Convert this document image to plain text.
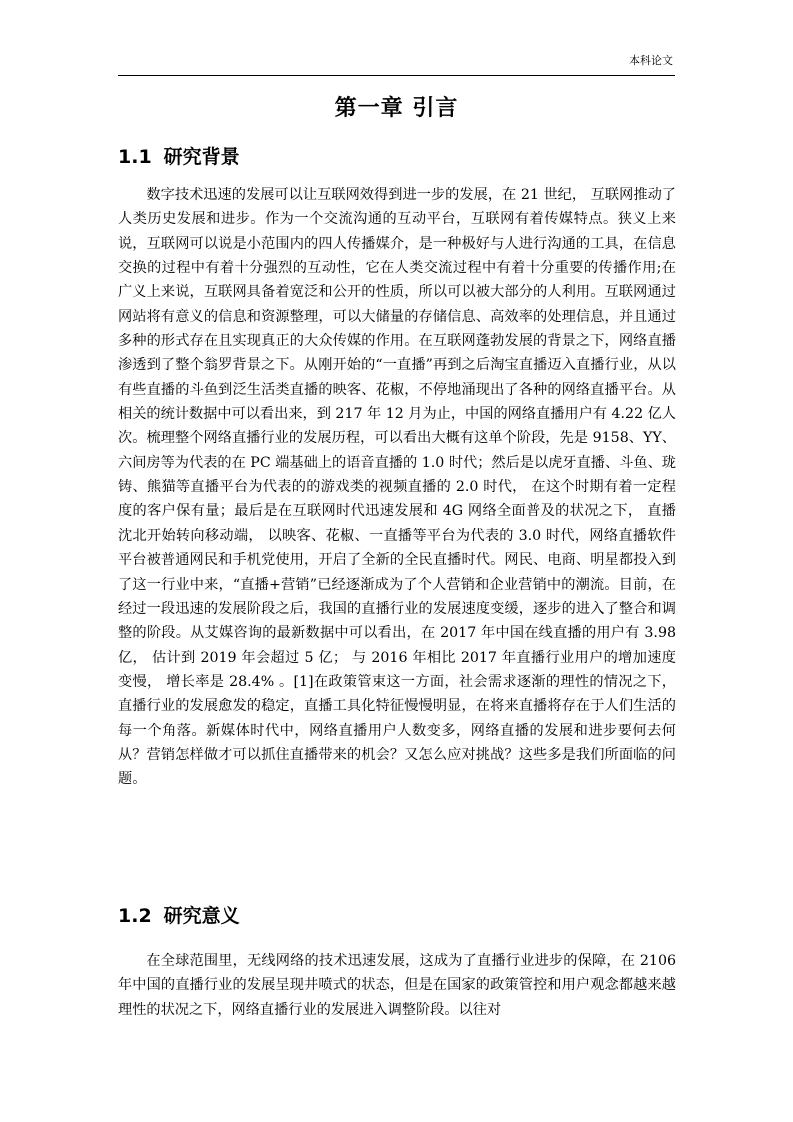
本科论文
第一章 引言
1.1 研究背景

数字技术迅速的发展可以让互联网效得到进一步的发展，在 21 世纪， 互联网推动了人类历史发展和进步。作为一个交流沟通的互动平台，互联网有着传媒特点。狭义上来说，互联网可以说是小范围内的四人传播媒介，是一种极好与人进行沟通的工具，在信息交换的过程中有着十分强烈的互动性，它在人类交流过程中有着十分重要的传播作用;在广义上来说，互联网具备着宽泛和公开的性质，所以可以被大部分的人利用。互联网通过网站将有意义的信息和资源整理，可以大储量的存储信息、高效率的处理信息，并且通过多种的形式存在且实现真正的大众传媒的作用。在互联网蓬勃发展的背景之下，网络直播渗透到了整个翁罗背景之下。从刚开始的“一直播”再到之后淘宝直播迈入直播行业，从以有些直播的斗鱼到泛生活类直播的映客、花椒，不停地涌现出了各种的网络直播平台。从相关的统计数据中可以看出来，到 217 年 12 月为止，中国的网络直播用户有 4.22 亿人次。梳理整个网络直播行业的发展历程，可以看出大概有这单个阶段，先是 9158、YY、六间房等为代表的在 PC 端基础上的语音直播的 1.0 时代；然后是以虎牙直播、斗鱼、珑铸、熊猫等直播平台为代表的的游戏类的视频直播的 2.0 时代， 在这个时期有着一定程度的客户保有量；最后是在互联网时代迅速发展和 4G 网络全面普及的状况之下， 直播沈北开始转向移动端， 以映客、花椒、一直播等平台为代表的 3.0 时代，网络直播软件平台被普通网民和手机党使用，开启了全新的全民直播时代。网民、电商、明星都投入到了这一行业中来，“直播+营销”已经逐渐成为了个人营销和企业营销中的潮流。目前，在经过一段迅速的发展阶段之后，我国的直播行业的发展速度变缓，逐步的进入了整合和调整的阶段。从艾媒咨询的最新数据中可以看出，在 2017 年中国在线直播的用户有 3.98 亿， 估计到 2019 年会超过 5 亿； 与 2016 年相比 2017 年直播行业用户的增加速度变慢， 增长率是 28.4% 。[1]在政策管束这一方面，社会需求逐渐的理性的情况之下，直播行业的发展愈发的稳定，直播工具化特征慢慢明显，在将来直播将存在于人们生活的每一个角落。新媒体时代中，网络直播用户人数变多，网络直播的发展和进步要何去何从？营销怎样做才可以抓住直播带来的机会？又怎么应对挑战？这些多是我们所面临的问题。

1.2 研究意义

在全球范围里，无线网络的技术迅速发展，这成为了直播行业进步的保障，在 2106 年中国的直播行业的发展呈现井喷式的状态，但是在国家的政策管控和用户观念都越来越理性的状况之下，网络直播行业的发展进入调整阶段。以往对
